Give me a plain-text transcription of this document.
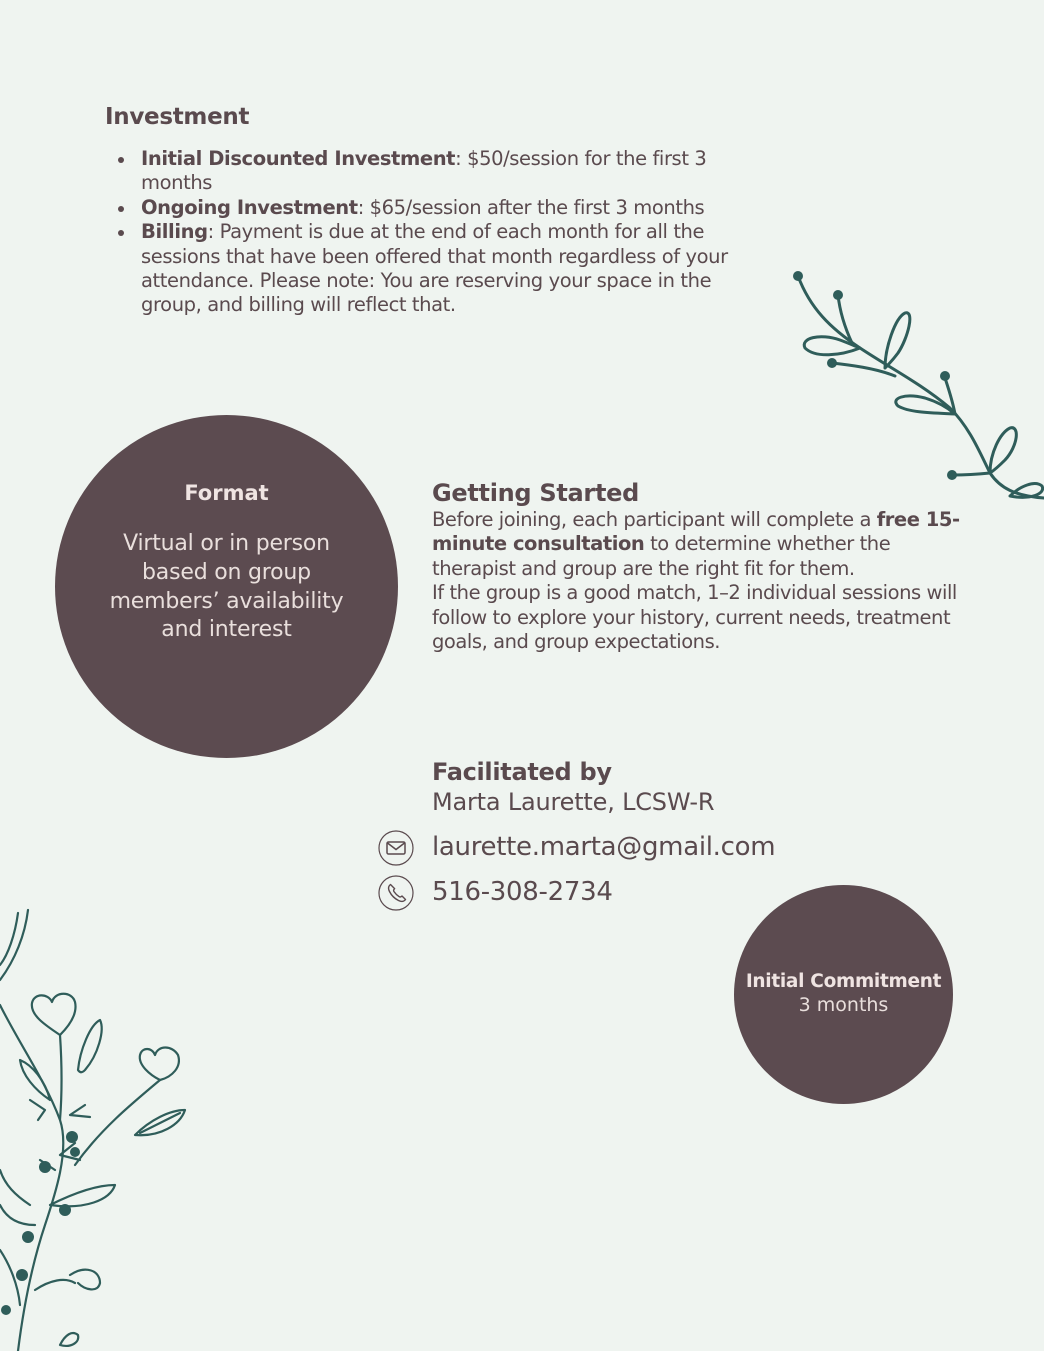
Investment
Initial Discounted Investment: $50/session for the first 3 months
Ongoing Investment: $65/session after the first 3 months
Billing: Payment is due at the end of each month for all the sessions that have been offered that month regardless of your attendance. Please note: You are reserving your space in the group, and billing will reflect that.
Format
Virtual or in person based on group members’ availability and interest
Getting Started

Before joining, each participant will complete a free 15-minute consultation to determine whether the therapist and group are the right fit for them.

If the group is a good match, 1–2 individual sessions will follow to explore your history, current needs, treatment goals, and group expectations.

Facilitated by

Marta Laurette, LCSW-R

laurette.marta@gmail.com
516-308-2734
Initial Commitment
3 months
